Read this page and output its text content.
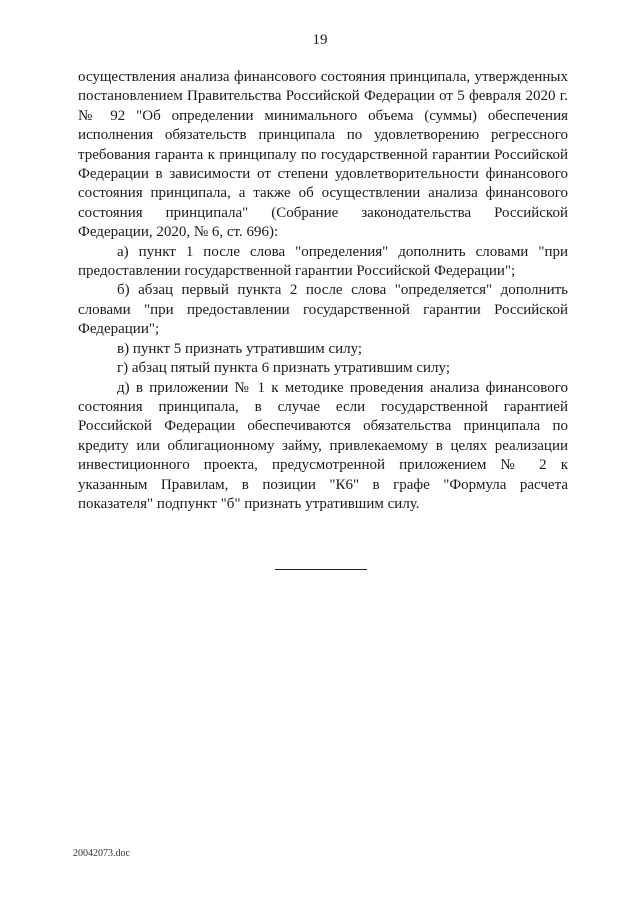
19

осуществления анализа финансового состояния принципала, утвержденных постановлением Правительства Российской Федерации от 5 февраля 2020 г. № 92 "Об определении минимального объема (суммы) обеспечения исполнения обязательств принципала по удовлетворению регрессного требования гаранта к принципалу по государственной гарантии Российской Федерации в зависимости от степени удовлетворительности финансового состояния принципала, а также об осуществлении анализа финансового состояния принципала" (Собрание законодательства Российской Федерации, 2020, № 6, ст. 696):

а) пункт 1 после слова "определения" дополнить словами "при предоставлении государственной гарантии Российской Федерации";

б) абзац первый пункта 2 после слова "определяется" дополнить словами "при предоставлении государственной гарантии Российской Федерации";

в) пункт 5 признать утратившим силу;

г) абзац пятый пункта 6 признать утратившим силу;

д) в приложении № 1 к методике проведения анализа финансового состояния принципала, в случае если государственной гарантией Российской Федерации обеспечиваются обязательства принципала по кредиту или облигационному займу, привлекаемому в целях реализации инвестиционного проекта, предусмотренной приложением № 2 к указанным Правилам, в позиции "К6" в графе "Формула расчета показателя" подпункт "б" признать утратившим силу.

20042073.doc
